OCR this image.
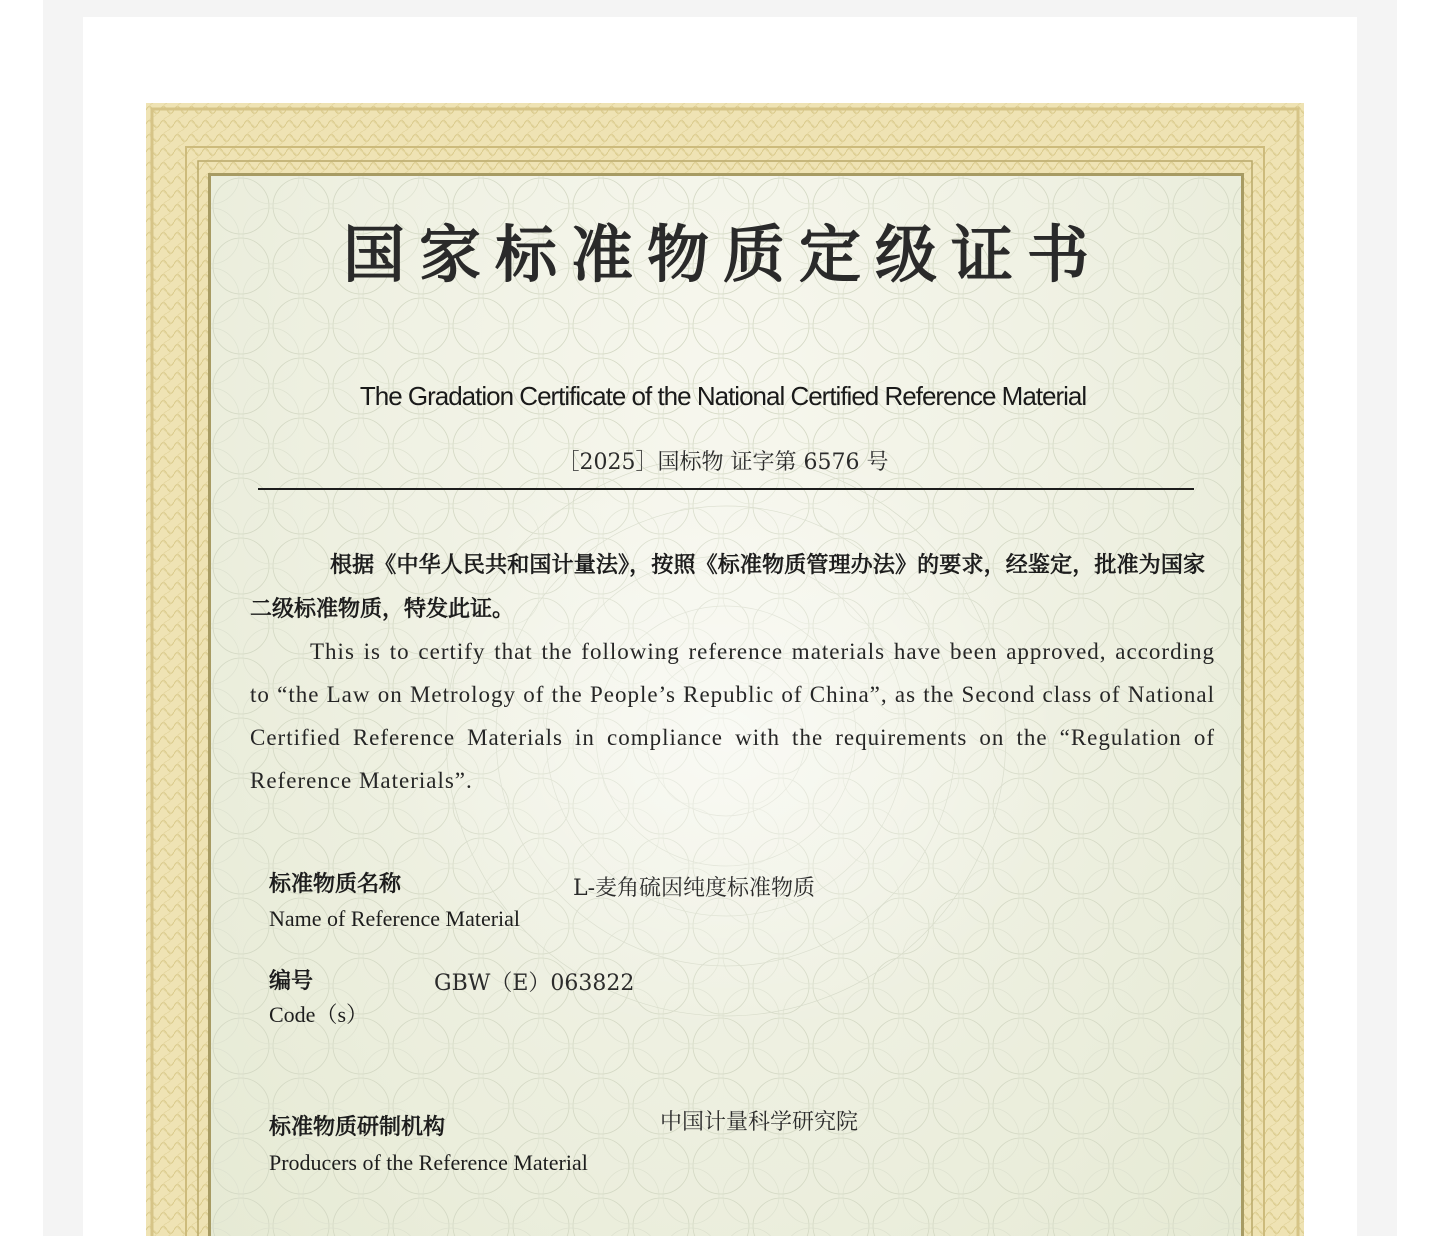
国家标准物质定级证书
The Gradation Certificate of the National Certified Reference Material
［2025］国标物 证字第 6576 号
根据《中华人民共和国计量法》，按照《标准物质管理办法》的要求，经鉴定，批准为国家二级标准物质，特发此证。
This is to certify that the following reference materials have been approved, according to “the Law on Metrology of the People’s Republic of China”, as the Second class of National Certified Reference Materials in compliance with the requirements on the “Regulation of Reference Materials”.
标准物质名称
Name of Reference Material
L-麦角硫因纯度标准物质
编号
Code（s）
GBW（E）063822
标准物质研制机构
Producers of the Reference Material
中国计量科学研究院
